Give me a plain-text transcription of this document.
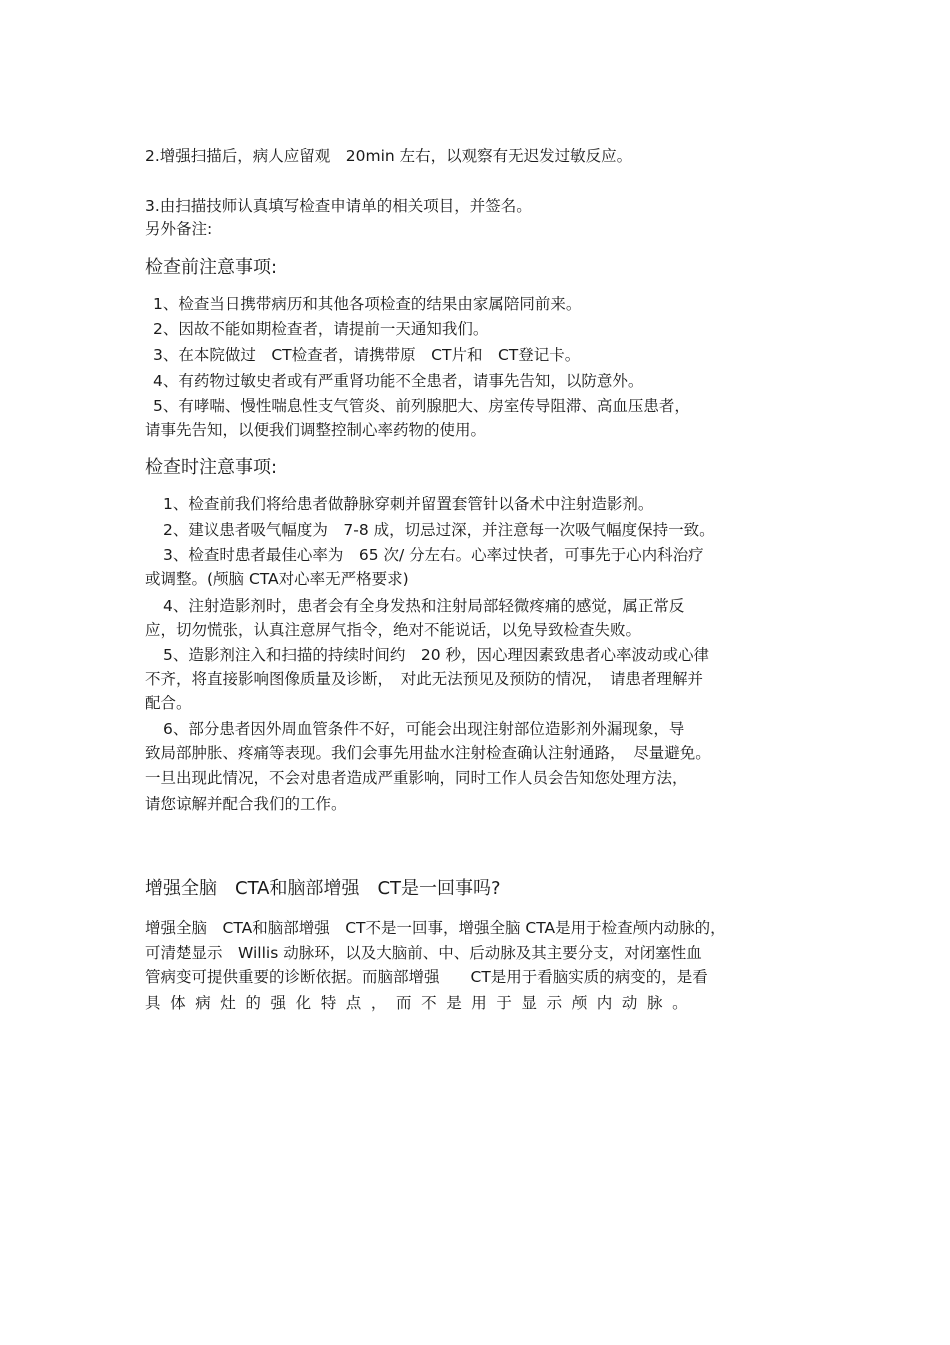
2.增强扫描后，病人应留观　20min 左右，以观察有无迟发过敏反应。
3.由扫描技师认真填写检查申请单的相关项目，并签名。
另外备注:
检查前注意事项:
1、检查当日携带病历和其他各项检查的结果由家属陪同前来。
2、因故不能如期检查者，请提前一天通知我们。
3、在本院做过　CT检查者，请携带原　CT片和　CT登记卡。
4、有药物过敏史者或有严重肾功能不全患者，请事先告知，以防意外。
5、有哮喘、慢性喘息性支气管炎、前列腺肥大、房室传导阻滞、高血压患者，
请事先告知，以便我们调整控制心率药物的使用。
检查时注意事项:
1、检查前我们将给患者做静脉穿刺并留置套管针以备术中注射造影剂。
2、建议患者吸气幅度为　7-8 成，切忌过深，并注意每一次吸气幅度保持一致。
3、检查时患者最佳心率为　65 次/ 分左右。心率过快者，可事先于心内科治疗
或调整。(颅脑 CTA对心率无严格要求)
4、注射造影剂时，患者会有全身发热和注射局部轻微疼痛的感觉，属正常反
应，切勿慌张，认真注意屏气指令，绝对不能说话，以免导致检查失败。
5、造影剂注入和扫描的持续时间约　20 秒，因心理因素致患者心率波动或心律
不齐，将直接影响图像质量及诊断，　对此无法预见及预防的情况，　请患者理解并
配合。
6、部分患者因外周血管条件不好，可能会出现注射部位造影剂外漏现象，导
致局部肿胀、疼痛等表现。我们会事先用盐水注射检查确认注射通路，　尽量避免。
一旦出现此情况，不会对患者造成严重影响，同时工作人员会告知您处理方法，
请您谅解并配合我们的工作。
增强全脑　CTA和脑部增强　CT是一回事吗?
增强全脑　CTA和脑部增强　CT不是一回事，增强全脑 CTA是用于检查颅内动脉的，
可清楚显示　Willis 动脉环，以及大脑前、中、后动脉及其主要分支，对闭塞性血
管病变可提供重要的诊断依据。而脑部增强　　CT是用于看脑实质的病变的，是看
具体病灶的强化特点，而不是用于显示颅内动脉。
